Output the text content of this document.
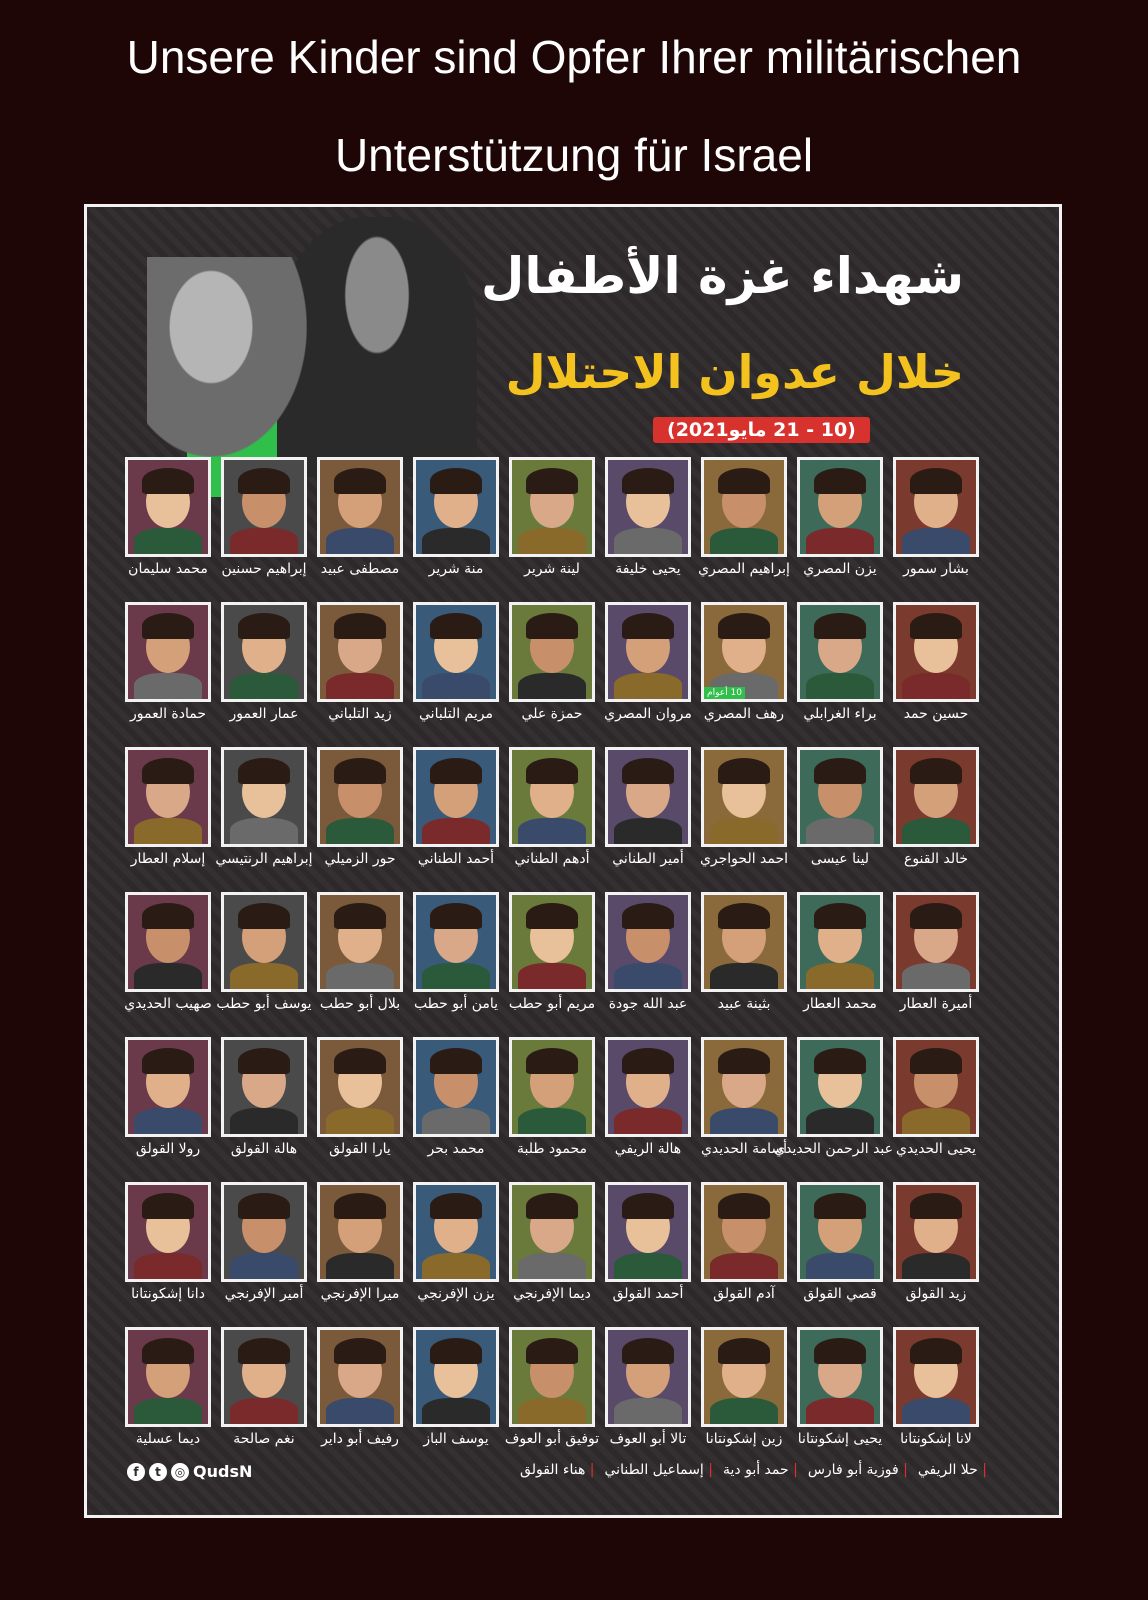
Unsere Kinder sind Opfer Ihrer militärischen
Unterstützung für Israel
شهداء غزة الأطفال
خلال عدوان الاحتلال
(10 - 21 مايو2021)
بشار سمور
يزن المصري
إبراهيم المصري
يحيى خليفة
لينة شرير
منة شرير
مصطفى عبيد
إبراهيم حسنين
محمد سليمان
حسين حمد
براء الغرابلي
10 أعوام
رهف المصري
مروان المصري
حمزة علي
مريم التلباني
زيد التلباني
عمار العمور
حمادة العمور
خالد القنوع
لينا عيسى
احمد الحواجري
أمير الطناني
أدهم الطناني
أحمد الطناني
حور الزميلي
إبراهيم الرنتيسي
إسلام العطار
أميرة العطار
محمد العطار
بثينة عبيد
عبد الله جودة
مريم أبو حطب
يامن أبو حطب
بلال أبو حطب
يوسف أبو حطب
صهيب الحديدي
يحيى الحديدي
عبد الرحمن الحديدي
أسامة الحديدي
هالة الريفي
محمود طلبة
محمد بحر
يارا القولق
هالة القولق
رولا القولق
زيد القولق
قصي القولق
آدم القولق
أحمد القولق
ديما الإفرنجي
يزن الإفرنجي
ميرا الإفرنجي
أمير الإفرنجي
دانا إشكونتانا
لانا إشكونتانا
يحيى إشكونتانا
زين إشكونتانا
تالا أبو العوف
توفيق أبو العوف
يوسف الباز
رفيف أبو داير
نغم صالحة
ديما عسلية
f	t	◎ QudsN	| هناء القولق	| إسماعيل الطناني	| حمد أبو دية	| فوزية أبو فارس	| حلا الريفي
